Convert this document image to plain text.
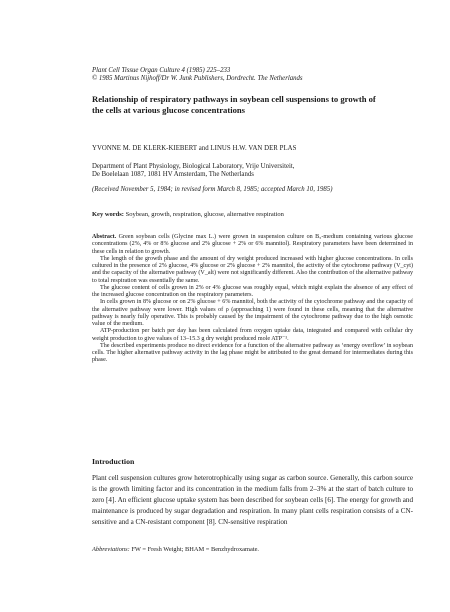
Plant Cell Tissue Organ Culture 4 (1985) 225–233
© 1985 Martinus Nijhoff/Dr W. Junk Publishers, Dordrecht. The Netherlands
Relationship of respiratory pathways in soybean cell suspensions to growth of the cells at various glucose concentrations
YVONNE M. DE KLERK-KIEBERT and LINUS H.W. VAN DER PLAS
Department of Plant Physiology, Biological Laboratory, Vrije Universiteit,
De Boelelaan 1087, 1081 HV Amsterdam, The Netherlands
(Received November 5, 1984; in revised form March 8, 1985; accepted March 10, 1985)
Key words: Soybean, growth, respiration, glucose, alternative respiration

Abstract. Green soybean cells (Glycine max L.) were grown in suspension culture on B₅-medium containing various glucose concentrations (2%, 4% or 8% glucose and 2% glucose + 2% or 6% mannitol). Respiratory parameters have been determined in these cells in relation to growth.

The length of the growth phase and the amount of dry weight produced increased with higher glucose concentrations. In cells cultured in the presence of 2% glucose, 4% glucose or 2% glucose + 2% mannitol, the activity of the cytochrome pathway (V_cyt) and the capacity of the alternative pathway (V_alt) were not significantly different. Also the contribution of the alternative pathway to total respiration was essentially the same.

The glucose content of cells grown in 2% or 4% glucose was roughly equal, which might explain the absence of any effect of the increased glucose concentration on the respiratory parameters.

In cells grown in 8% glucose or on 2% glucose + 6% mannitol, both the activity of the cytochrome pathway and the capacity of the alternative pathway were lower. High values of ρ (approaching 1) were found in these cells, meaning that the alternative pathway is nearly fully operative. This is probably caused by the impairment of the cytochrome pathway due to the high osmotic value of the medium.

ATP-production per batch per day has been calculated from oxygen uptake data, integrated and compared with cellular dry weight production to give values of 13–15.3 g dry weight produced mole ATP⁻¹.

The described experiments produce no direct evidence for a function of the alternative pathway as ‘energy overflow’ in soybean cells. The higher alternative pathway activity in the lag phase might be attributed to the great demand for intermediates during this phase.

Introduction

Plant cell suspension cultures grow heterotrophically using sugar as carbon source. Generally, this carbon source is the growth limiting factor and its concentration in the medium falls from 2–3% at the start of batch culture to zero [4]. An efficient glucose uptake system has been described for soybean cells [6]. The energy for growth and maintenance is produced by sugar degradation and respiration. In many plant cells respiration consists of a CN-sensitive and a CN-resistant component [8]. CN-sensitive respiration

Abbreviations: FW = Fresh Weight; BHAM = Benzhydroxamate.
